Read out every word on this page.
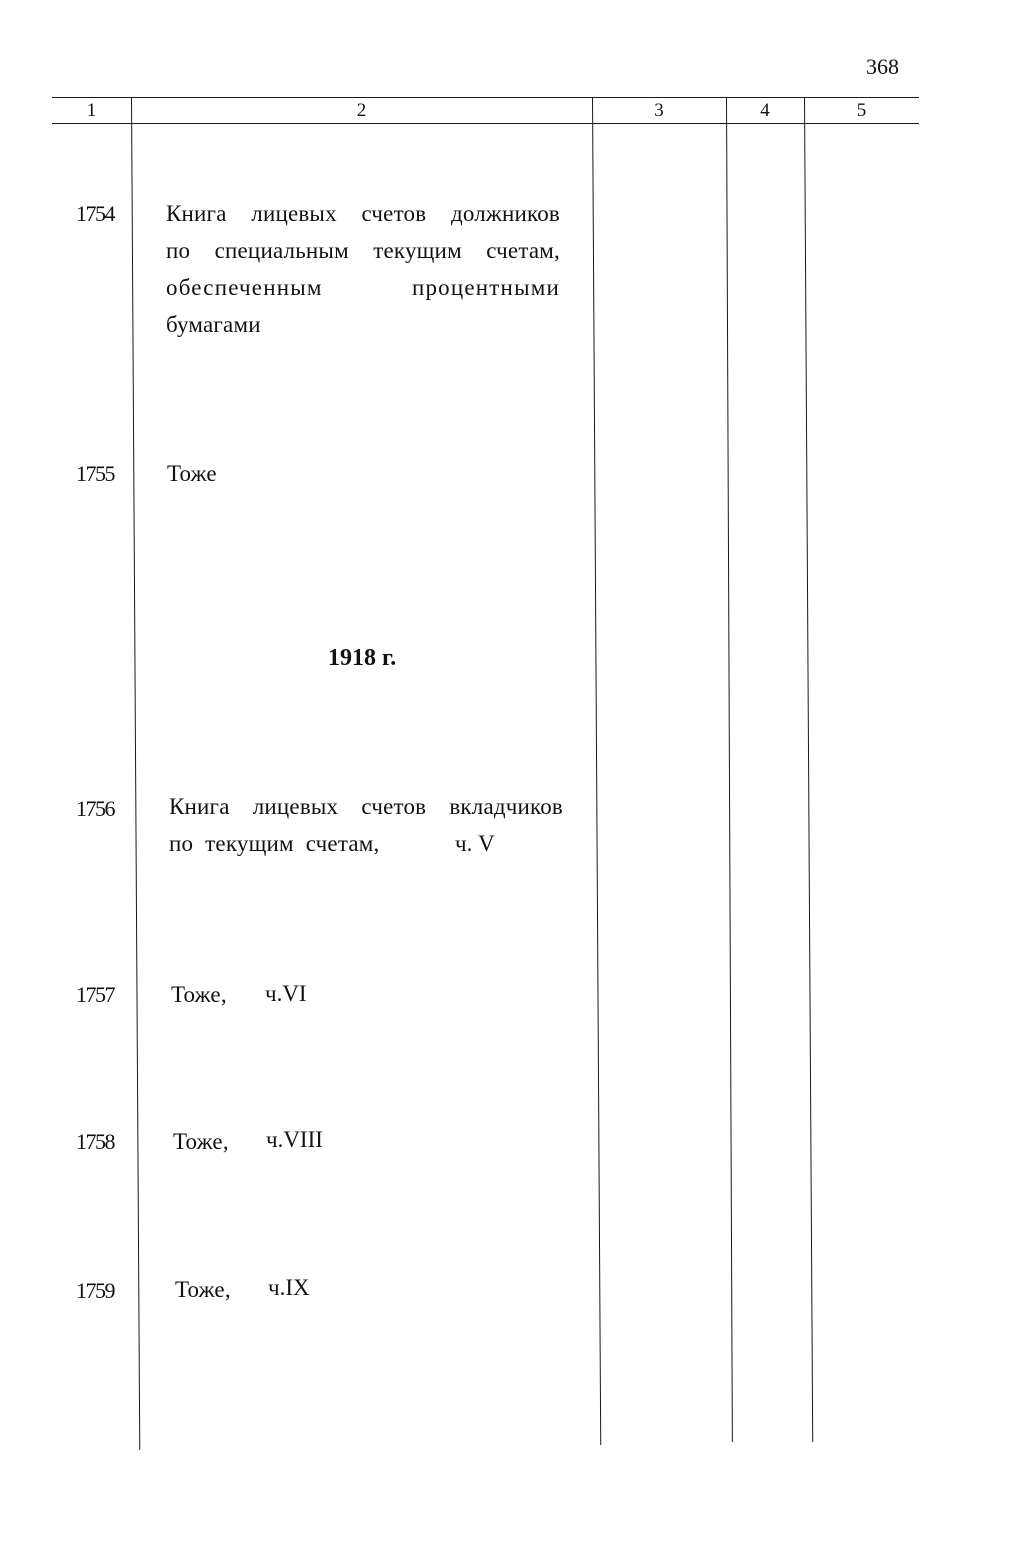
368
1	2	3	4	5
1754	Книга лицевых счетов должников
по специальным текущим счетам,
обеспеченным процентными
бумагами
1755	Тоже
1918 г.
1756	Книга лицевых счетов вкладчиков
по текущим счетам,	ч. V
1757	Тоже, ч.VI
1758	Тоже, ч.VIII
1759	Тоже, ч.IX
